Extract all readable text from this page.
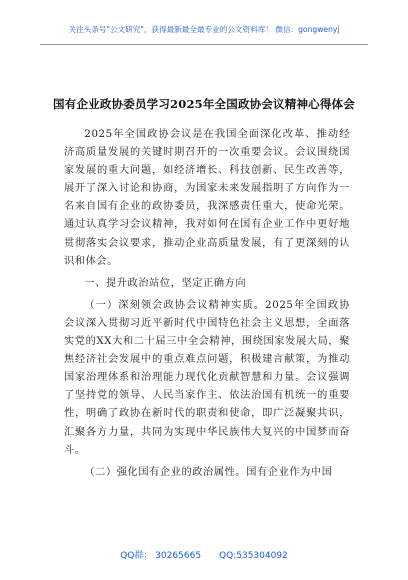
关注头条号"公文研究"，获得最新最全最专业的公文资料库！ 微信：gongwenyj
国有企业政协委员学习2025年全国政协会议精神心得体会

2025年全国政协会议是在我国全面深化改革、推动经济高质量发展的关键时期召开的一次重要会议。会议围绕国家发展的重大问题，如经济增长、科技创新、民生改善等，展开了深入讨论和协商，为国家未来发展指明了方向作为一名来自国有企业的政协委员，我深感责任重大，使命光荣。通过认真学习会议精神，我对如何在国有企业工作中更好地贯彻落实会议要求，推动企业高质量发展，有了更深刻的认识和体会。

一、提升政治站位，坚定正确方向

（一）深刻领会政协会议精神实质。2025年全国政协会议深入贯彻习近平新时代中国特色社会主义思想，全面落实党的XX大和二十届三中全会精神，围绕国家发展大局，聚焦经济社会发展中的重点难点问题，积极建言献策，为推动国家治理体系和治理能力现代化贡献智慧和力量。会议强调了坚持党的领导、人民当家作主、依法治国有机统一的重要性，明确了政协在新时代的职责和使命，即广泛凝聚共识，汇聚各方力量，共同为实现中华民族伟大复兴的中国梦而奋斗。

（二）强化国有企业的政治属性。国有企业作为中国

QQ群： 30265665 QQ:535304092
